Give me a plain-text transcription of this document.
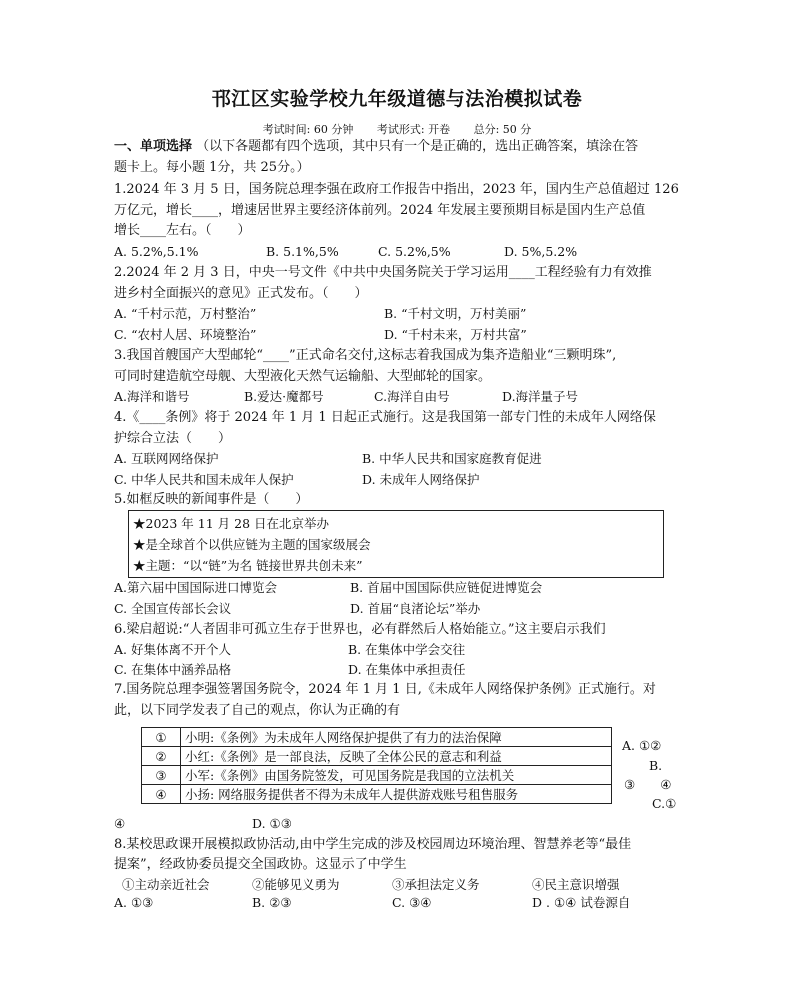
邗江区实验学校九年级道德与法治模拟试卷
考试时间: 60 分钟 考试形式: 开卷 总分: 50 分
一、单项选择 （以下各题都有四个选项，其中只有一个是正确的，选出正确答案，填涂在答
题卡上。每小题 1分，共 25分。）
1.2024 年 3 月 5 日，国务院总理李强在政府工作报告中指出，2023 年，国内生产总值超过 126
万亿元，增长____，增速居世界主要经济体前列。2024 年发展主要预期目标是国内生产总值
增长____左右。（　　）
A. 5.2%,5.1%	B. 5.1%,5%	C. 5.2%,5%	D. 5%,5.2%
2.2024 年 2 月 3 日，中央一号文件《中共中央国务院关于学习运用____工程经验有力有效推
进乡村全面振兴的意见》正式发布。（　　）
A. “千村示范，万村整治”	B. “千村文明，万村美丽”
C. “农村人居、环境整治”	D. “千村未来，万村共富”
3.我国首艘国产大型邮轮“____”正式命名交付,这标志着我国成为集齐造船业“三颗明珠”,
可同时建造航空母舰、大型液化天然气运输船、大型邮轮的国家。
A.海洋和谐号	B.爱达·魔都号	C.海洋自由号	D.海洋量子号
4.《____条例》将于 2024 年 1 月 1 日起正式施行。这是我国第一部专门性的未成年人网络保
护综合立法（　　）
A. 互联网网络保护	B. 中华人民共和国家庭教育促进
C. 中华人民共和国未成年人保护	D. 未成年人网络保护
5.如框反映的新闻事件是（　　）
★2023 年 11 月 28 日在北京举办
★是全球首个以供应链为主题的国家级展会
★主题：“以“链”为名 链接世界共创未来”
A.第六届中国国际进口博览会	B. 首届中国国际供应链促进博览会
C. 全国宣传部长会议	D. 首届“良渚论坛”举办
6.梁启超说:“人者固非可孤立生存于世界也，必有群然后人格始能立。”这主要启示我们
A. 好集体离不开个人	B. 在集体中学会交往
C. 在集体中涵养品格	D. 在集体中承担责任
7.国务院总理李强签署国务院令，2024 年 1 月 1 日,《未成年人网络保护条例》正式施行。对
此，以下同学发表了自己的观点，你认为正确的有
①	小明:《条例》为未成年人网络保护提供了有力的法治保障
②	小红:《条例》是一部良法，反映了全体公民的意志和利益
③	小军:《条例》由国务院签发，可见国务院是我国的立法机关
④	小扬: 网络服务提供者不得为未成年人提供游戏账号租售服务
A. ①②
B.
③　　④
C.①
④	D. ①③
8.某校思政课开展模拟政协活动,由中学生完成的涉及校园周边环境治理、智慧养老等“最佳
提案”，经政协委员提交全国政协。这显示了中学生
①主动亲近社会	②能够见义勇为	③承担法定义务	④民主意识增强
A. ①③	B. ②③	C. ③④	D . ①④ 试卷源自
